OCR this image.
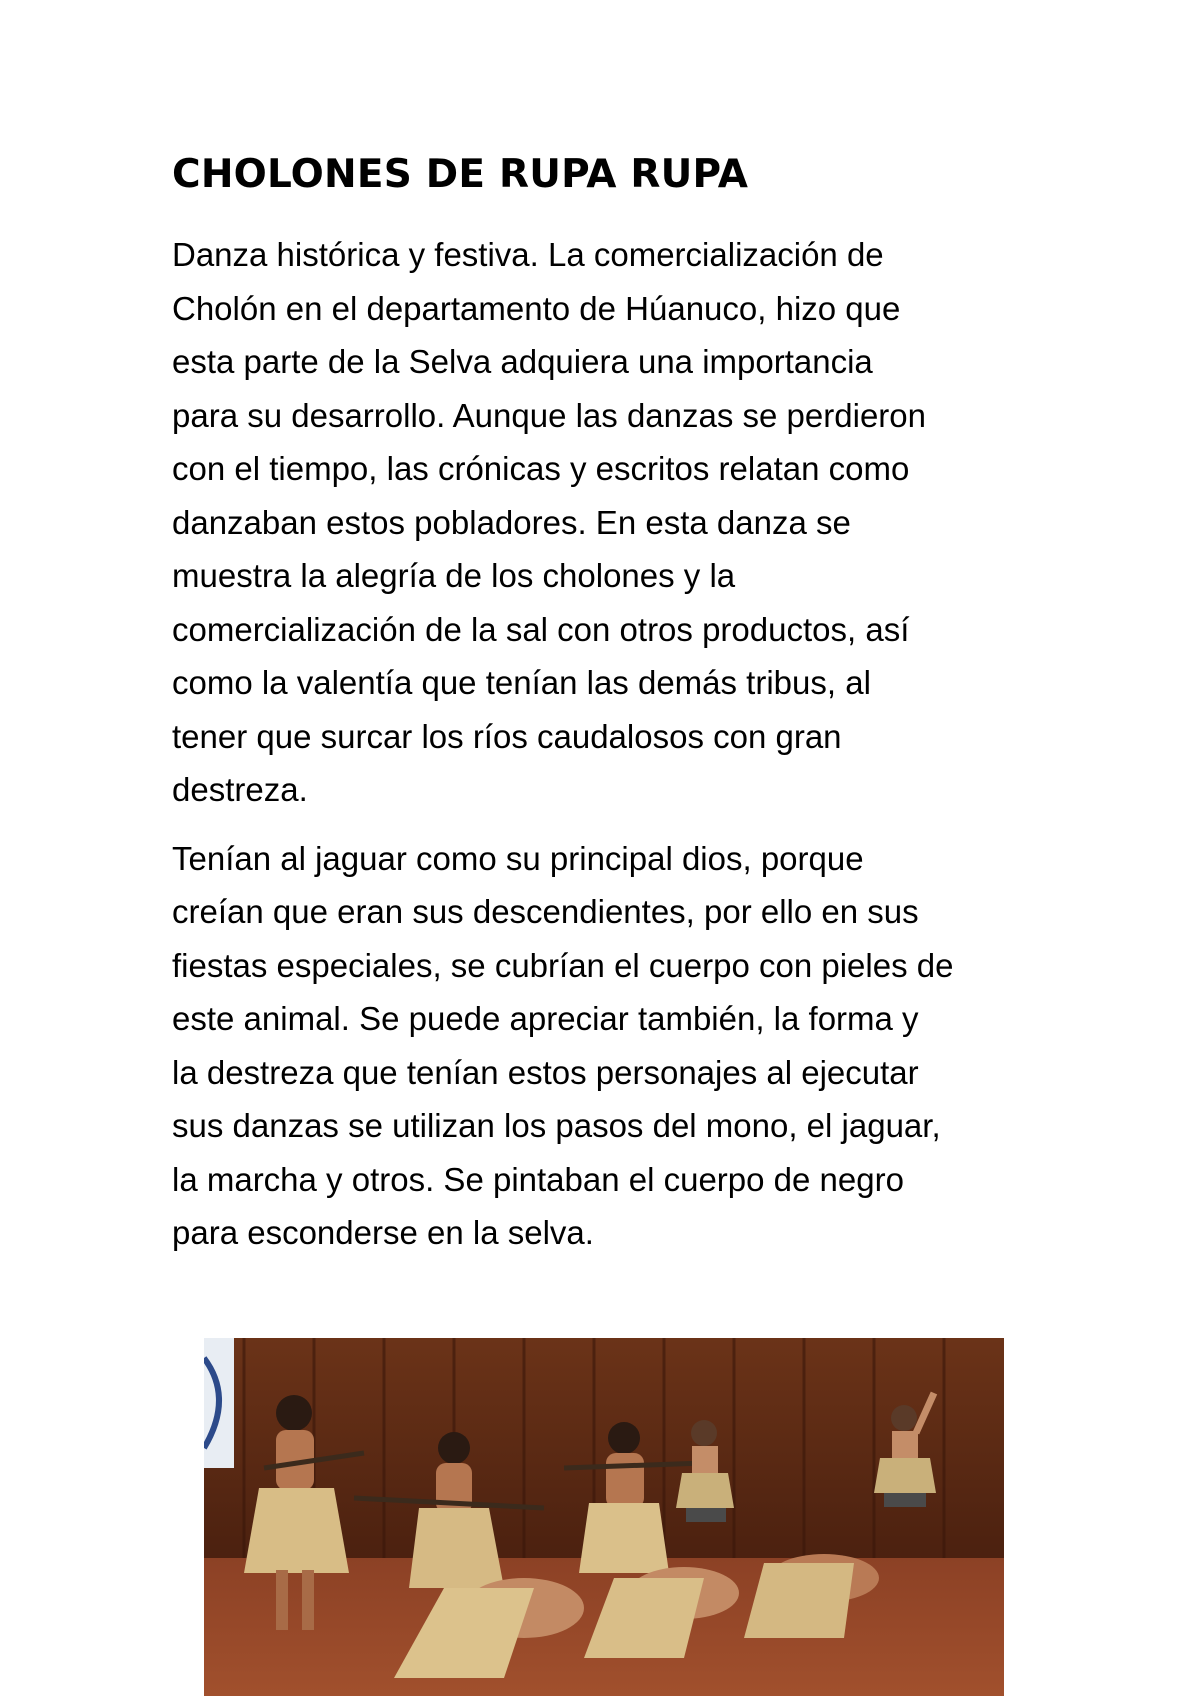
CHOLONES DE RUPA RUPA

Danza histórica y festiva. La comercialización de
Cholón en el departamento de Húanuco, hizo que
esta parte de la Selva adquiera una importancia
para su desarrollo. Aunque las danzas se perdieron
con el tiempo, las crónicas y escritos relatan como
danzaban estos pobladores. En esta danza se
muestra la alegría de los cholones y la
comercialización de la sal con otros productos, así
como la valentía que tenían las demás tribus, al
tener que surcar los ríos caudalosos con gran
destreza.

Tenían al jaguar como su principal dios, porque
creían que eran sus descendientes, por ello en sus
fiestas especiales, se cubrían el cuerpo con pieles de
este animal. Se puede apreciar también, la forma y
la destreza que tenían estos personajes al ejecutar
sus danzas se utilizan los pasos del mono, el jaguar,
la marcha y otros. Se pintaban el cuerpo de negro
para esconderse en la selva.
